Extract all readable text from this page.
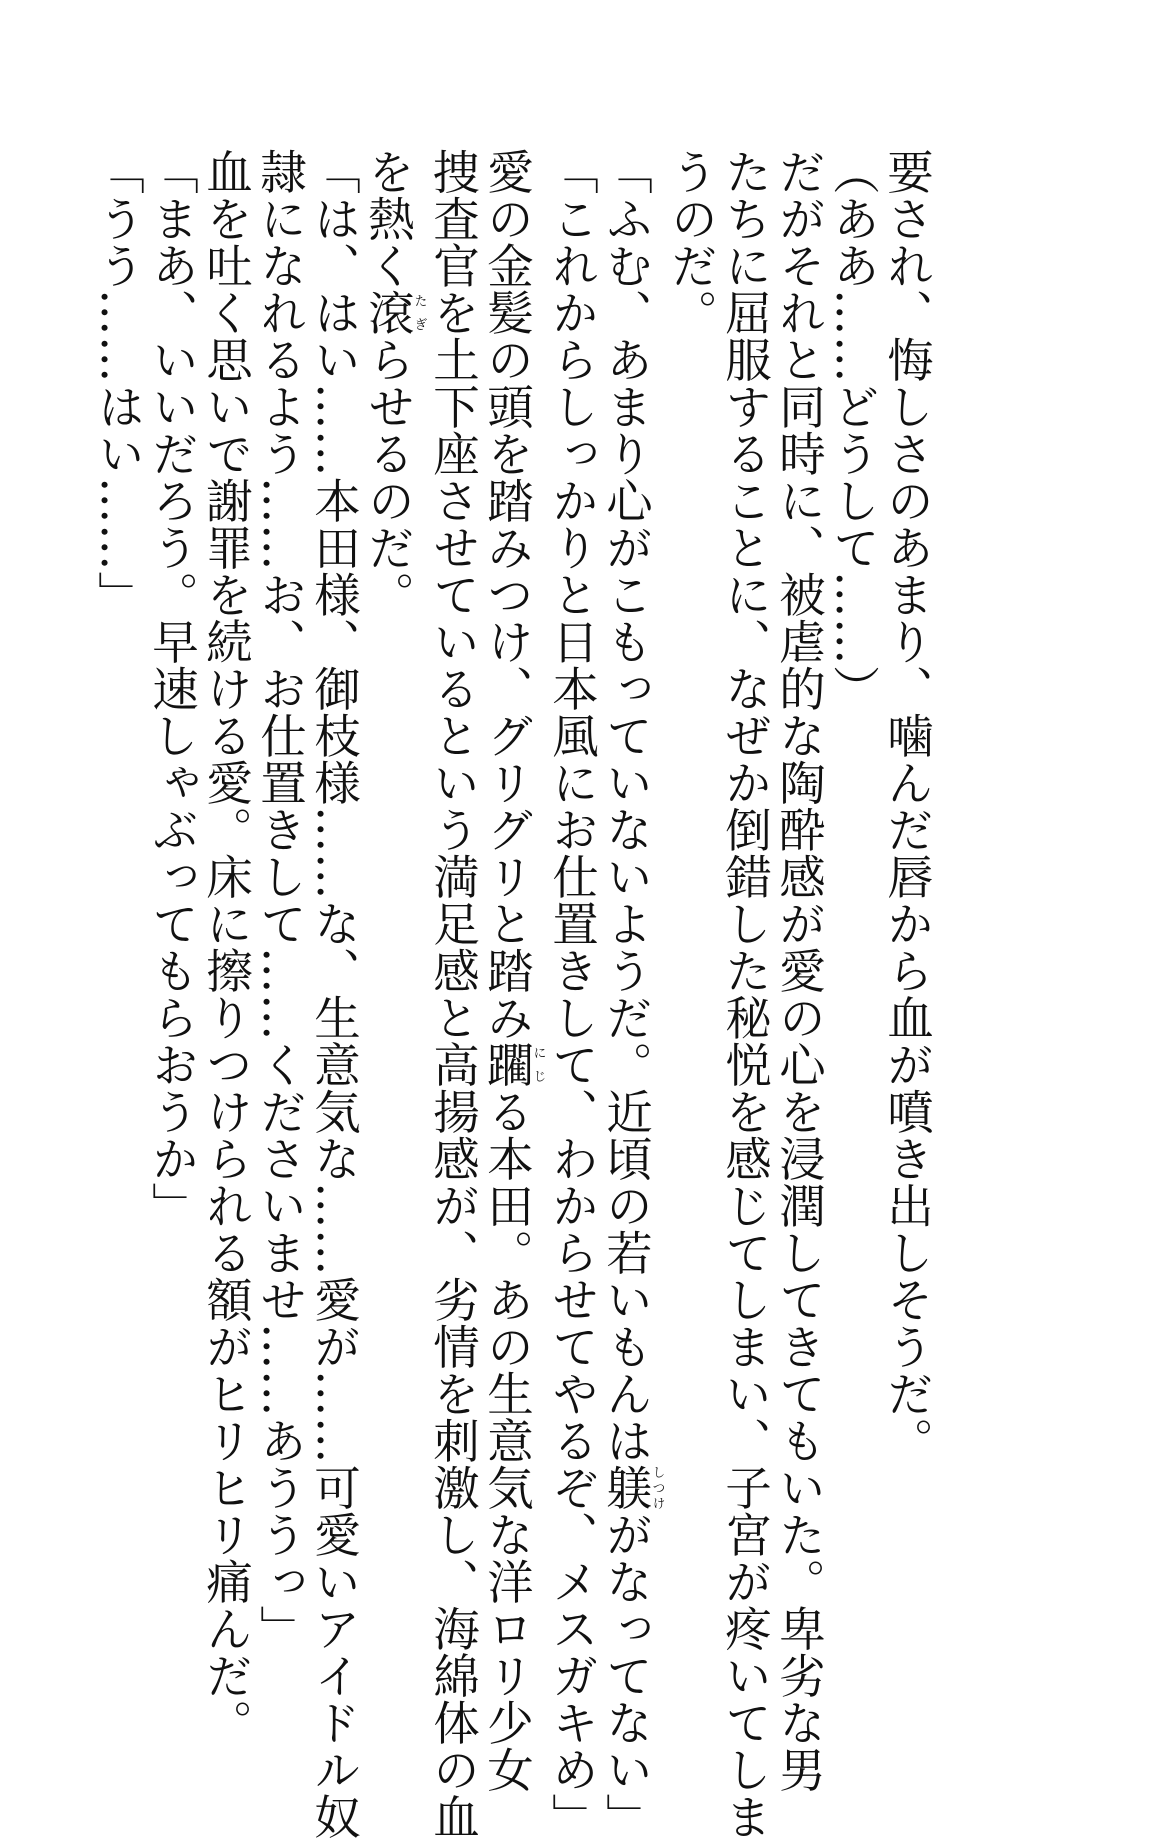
要され、悔しさのあまり、噛んだ唇から血が噴き出しそうだ。

（ああ……どうして……）

だがそれと同時に、被虐的な陶酔感が愛の心を浸潤してきてもいた。卑劣な男

たちに屈服することに、なぜか倒錯した秘悦を感じてしまい、子宮が疼いてしま

うのだ。

「ふむ、あまり心がこもっていないようだ。近頃の若いもんは躾しつけがなってない」

「これからしっかりと日本風にお仕置きして、わからせてやるぞ、メスガキめ」

愛の金髪の頭を踏みつけ、グリグリと踏み躙にじる本田。あの生意気な洋ロリ少女

捜査官を土下座させているという満足感と高揚感が、劣情を刺激し、海綿体の血

を熱く滾たぎらせるのだ。

「は、はい……本田様、御枝様……な、生意気な……愛が……可愛いアイドル奴

隷になれるよう……お、お仕置きして……くださいませ……あううっ」

血を吐く思いで謝罪を続ける愛。床に擦りつけられる額がヒリヒリ痛んだ。

「まあ、いいだろう。早速しゃぶってもらおうか」

「うう……はい……」
